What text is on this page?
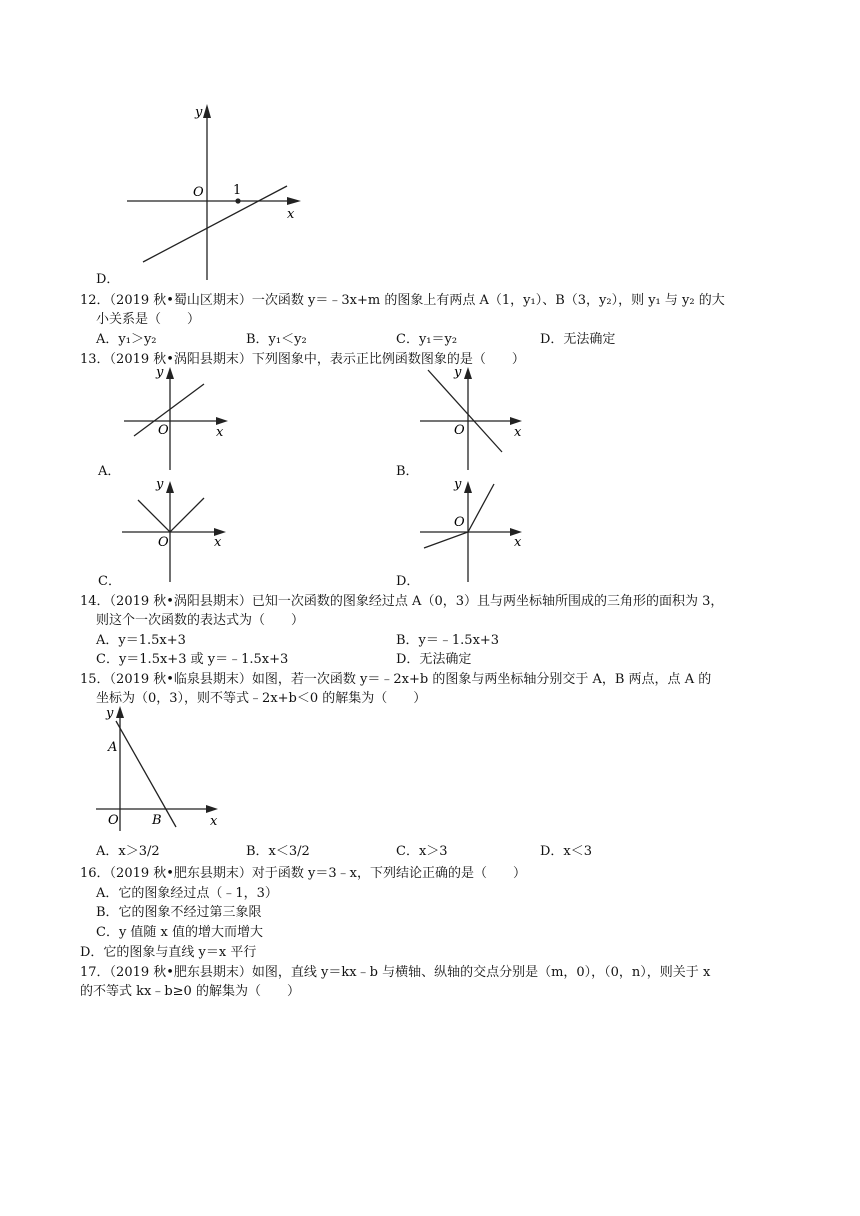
y
x
O 1
D．
12．（2019 秋•蜀山区期末）一次函数 y＝﹣3x+m 的图象上有两点 A（1，y₁）、B（3，y₂），则 y₁ 与 y₂ 的大
小关系是（　　）
A．y₁＞y₂	B．y₁＜y₂	C．y₁＝y₂	D．无法确定
13．（2019 秋•涡阳县期末）下列图象中，表示正比例函数图象的是（　　）
y
x
O
A．
y
x
O
B．
y
x
O
C．
y
x
O
D．
14．（2019 秋•涡阳县期末）已知一次函数的图象经过点 A（0，3）且与两坐标轴所围成的三角形的面积为 3，
则这个一次函数的表达式为（　　）
A．y＝1.5x+3	B．y＝﹣1.5x+3
C．y＝1.5x+3 或 y＝﹣1.5x+3	D．无法确定
15．（2019 秋•临泉县期末）如图，若一次函数 y＝﹣2x+b 的图象与两坐标轴分别交于 A，B 两点，点 A 的
坐标为（0，3），则不等式﹣2x+b＜0 的解集为（　　）
y
A
x
O	B
A．x＞3/2	B．x＜3/2	C．x＞3	D．x＜3
16．（2019 秋•肥东县期末）对于函数 y＝3﹣x，下列结论正确的是（　　）
A．它的图象经过点（﹣1，3）
B．它的图象不经过第三象限
C．y 值随 x 值的增大而增大
D．它的图象与直线 y＝x 平行
17．（2019 秋•肥东县期末）如图，直线 y＝kx﹣b 与横轴、纵轴的交点分别是（m，0），（0，n），则关于 x
的不等式 kx﹣b≥0 的解集为（　　）
